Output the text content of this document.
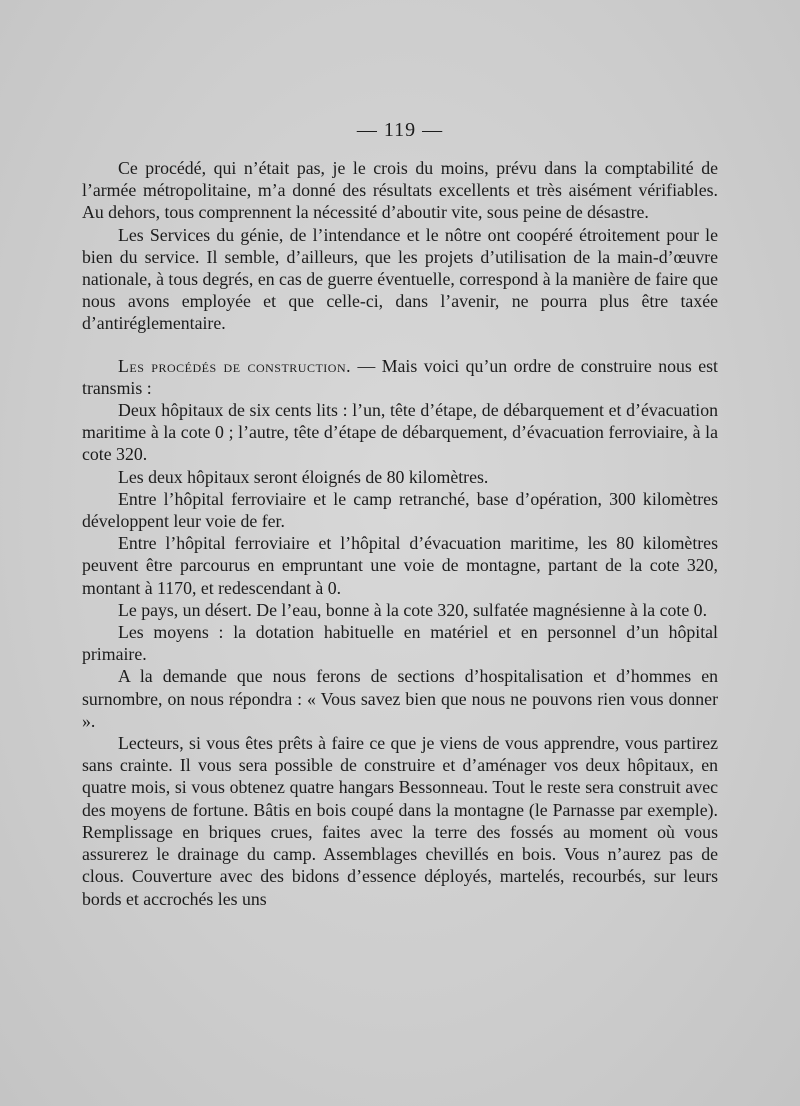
— 119 —

Ce procédé, qui n’était pas, je le crois du moins, prévu dans la comptabilité de l’armée métropolitaine, m’a donné des résultats excellents et très aisément vérifiables. Au dehors, tous comprennent la nécessité d’aboutir vite, sous peine de désastre.

Les Services du génie, de l’intendance et le nôtre ont coopéré étroitement pour le bien du service. Il semble, d’ailleurs, que les projets d’utilisation de la main-d’œuvre nationale, à tous degrés, en cas de guerre éventuelle, correspond à la manière de faire que nous avons employée et que celle-ci, dans l’avenir, ne pourra plus être taxée d’antiréglementaire.

Les procédés de construction. — Mais voici qu’un ordre de construire nous est transmis :

Deux hôpitaux de six cents lits : l’un, tête d’étape, de débarquement et d’évacuation maritime à la cote 0 ; l’autre, tête d’étape de débarquement, d’évacuation ferroviaire, à la cote 320.

Les deux hôpitaux seront éloignés de 80 kilomètres.

Entre l’hôpital ferroviaire et le camp retranché, base d’opération, 300 kilomètres développent leur voie de fer.

Entre l’hôpital ferroviaire et l’hôpital d’évacuation maritime, les 80 kilomètres peuvent être parcourus en empruntant une voie de montagne, partant de la cote 320, montant à 1170, et redescendant à 0.

Le pays, un désert. De l’eau, bonne à la cote 320, sulfatée magnésienne à la cote 0.

Les moyens : la dotation habituelle en matériel et en personnel d’un hôpital primaire.

A la demande que nous ferons de sections d’hospitalisation et d’hommes en surnombre, on nous répondra : « Vous savez bien que nous ne pouvons rien vous donner ».

Lecteurs, si vous êtes prêts à faire ce que je viens de vous apprendre, vous partirez sans crainte. Il vous sera possible de construire et d’aménager vos deux hôpitaux, en quatre mois, si vous obtenez quatre hangars Bessonneau. Tout le reste sera construit avec des moyens de fortune. Bâtis en bois coupé dans la montagne (le Parnasse par exemple). Remplissage en briques crues, faites avec la terre des fossés au moment où vous assurerez le drainage du camp. Assemblages chevillés en bois. Vous n’aurez pas de clous. Couverture avec des bidons d’essence déployés, martelés, recourbés, sur leurs bords et accrochés les uns
